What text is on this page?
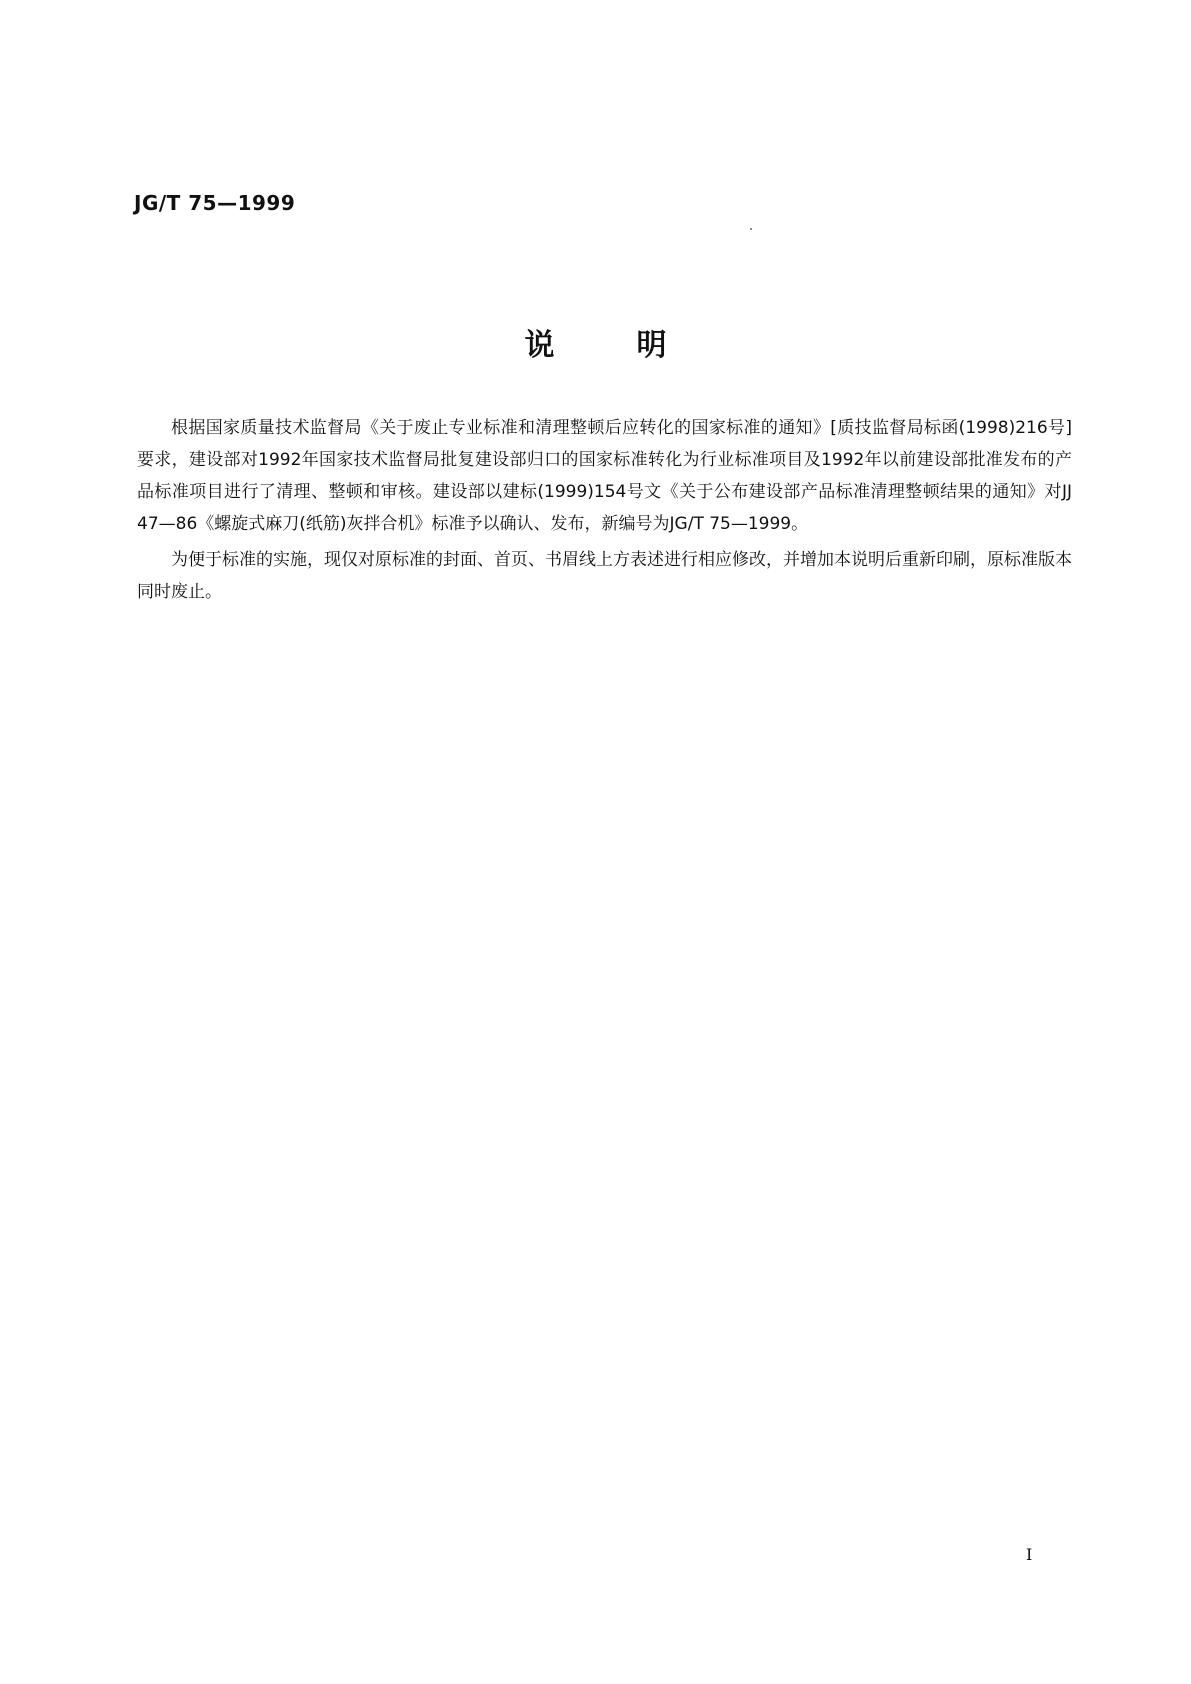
JG/T 75—1999
说明

根据国家质量技术监督局《关于废止专业标准和清理整顿后应转化的国家标准的通知》[质技监督局标函(1998)216号]要求，建设部对1992年国家技术监督局批复建设部归口的国家标准转化为行业标准项目及1992年以前建设部批准发布的产品标准项目进行了清理、整顿和审核。建设部以建标(1999)154号文《关于公布建设部产品标准清理整顿结果的通知》对JJ 47—86《螺旋式麻刀(纸筋)灰拌合机》标准予以确认、发布，新编号为JG/T 75—1999。

为便于标准的实施，现仅对原标准的封面、首页、书眉线上方表述进行相应修改，并增加本说明后重新印刷，原标准版本同时废止。

I
